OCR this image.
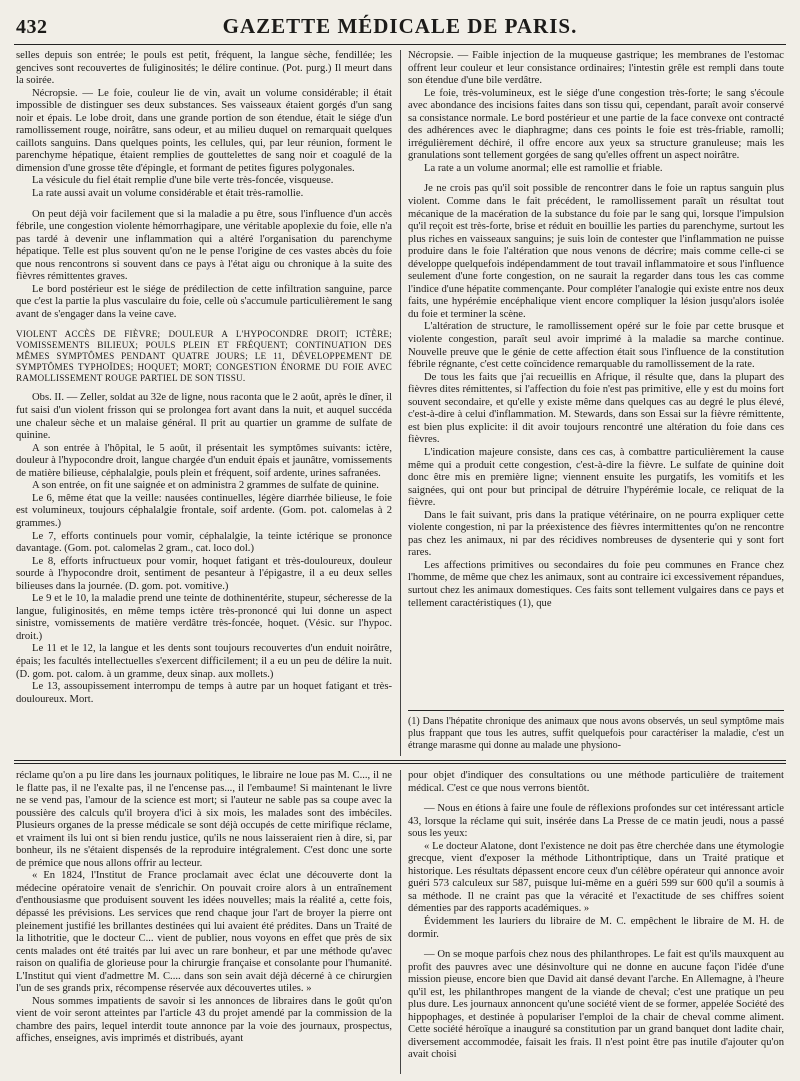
432	GAZETTE MÉDICALE DE PARIS.

selles depuis son entrée; le pouls est petit, fréquent, la langue sèche, fendillée; les gencives sont recouvertes de fuliginosités; le délire continue. (Pot. purg.) Il meurt dans la soirée.

Nécropsie. — Le foie, couleur lie de vin, avait un volume considérable; il était impossible de distinguer ses deux substances. Ses vaisseaux étaient gorgés d'un sang noir et épais. Le lobe droit, dans une grande portion de son étendue, était le siége d'un ramollissement rouge, noirâtre, sans odeur, et au milieu duquel on remarquait quelques caillots sanguins. Dans quelques points, les cellules, qui, par leur réunion, forment le parenchyme hépatique, étaient remplies de gouttelettes de sang noir et coagulé de la dimension d'une grosse tête d'épingle, et formant de petites figures polygonales.

La vésicule du fiel était remplie d'une bile verte très-foncée, visqueuse.

La rate aussi avait un volume considérable et était très-ramollie.

On peut déjà voir facilement que si la maladie a pu être, sous l'influence d'un accès fébrile, une congestion violente hémorrhagipare, une véritable apoplexie du foie, elle n'a pas tardé à devenir une inflammation qui a altéré l'organisation du parenchyme hépatique. Telle est plus souvent qu'on ne le pense l'origine de ces vastes abcès du foie que nous rencontrons si souvent dans ce pays à l'état aigu ou chronique à la suite des fièvres rémittentes graves.

Le bord postérieur est le siége de prédilection de cette infiltration sanguine, parce que c'est la partie la plus vasculaire du foie, celle où s'accumule particulièrement le sang avant de s'engager dans la veine cave.

VIOLENT ACCÈS DE FIÈVRE; DOULEUR A L'HYPOCONDRE DROIT; ICTÈRE; VOMISSEMENTS BILIEUX; POULS PLEIN ET FRÉQUENT; CONTINUATION DES MÊMES SYMPTÔMES PENDANT QUATRE JOURS; LE 11, DÉVELOPPEMENT DE SYMPTÔMES TYPHOÏDES; HOQUET; MORT; CONGESTION ÉNORME DU FOIE AVEC RAMOLLISSEMENT ROUGE PARTIEL DE SON TISSU.

Obs. II. — Zeller, soldat au 32e de ligne, nous raconta que le 2 août, après le dîner, il fut saisi d'un violent frisson qui se prolongea fort avant dans la nuit, et auquel succéda une chaleur sèche et un malaise général. Il prit au quartier un gramme de sulfate de quinine.

A son entrée à l'hôpital, le 5 août, il présentait les symptômes suivants: ictère, douleur à l'hypocondre droit, langue chargée d'un enduit épais et jaunâtre, vomissements de matière bilieuse, céphalalgie, pouls plein et fréquent, soif ardente, urines safranées.

A son entrée, on fit une saignée et on administra 2 grammes de sulfate de quinine.

Le 6, même état que la veille: nausées continuelles, légère diarrhée bilieuse, le foie est volumineux, toujours céphalalgie frontale, soif ardente. (Gom. pot. calomelas à 2 grammes.)

Le 7, efforts continuels pour vomir, céphalalgie, la teinte ictérique se prononce davantage. (Gom. pot. calomelas 2 gram., cat. loco dol.)

Le 8, efforts infructueux pour vomir, hoquet fatigant et très-douloureux, douleur sourde à l'hypocondre droit, sentiment de pesanteur à l'épigastre, il a eu deux selles bilieuses dans la journée. (D. gom. pot. vomitive.)

Le 9 et le 10, la maladie prend une teinte de dothinentérite, stupeur, sécheresse de la langue, fuliginosités, en même temps ictère très-prononcé qui lui donne un aspect sinistre, vomissements de matière verdâtre très-foncée, hoquet. (Vésic. sur l'hypoc. droit.)

Le 11 et le 12, la langue et les dents sont toujours recouvertes d'un enduit noirâtre, épais; les facultés intellectuelles s'exercent difficilement; il a eu un peu de délire la nuit. (D. gom. pot. calom. à un gramme, deux sinap. aux mollets.)

Le 13, assoupissement interrompu de temps à autre par un hoquet fatigant et très-douloureux. Mort.

Nécropsie. — Faible injection de la muqueuse gastrique; les membranes de l'estomac offrent leur couleur et leur consistance ordinaires; l'intestin grêle est rempli dans toute son étendue d'une bile verdâtre.

Le foie, très-volumineux, est le siége d'une congestion très-forte; le sang s'écoule avec abondance des incisions faites dans son tissu qui, cependant, paraît avoir conservé sa consistance normale. Le bord postérieur et une partie de la face convexe ont contracté des adhérences avec le diaphragme; dans ces points le foie est très-friable, ramolli; irrégulièrement déchiré, il offre encore aux yeux sa structure granuleuse; mais les granulations sont tellement gorgées de sang qu'elles offrent un aspect noirâtre.

La rate a un volume anormal; elle est ramollie et friable.

Je ne crois pas qu'il soit possible de rencontrer dans le foie un raptus sanguin plus violent. Comme dans le fait précédent, le ramollissement paraît un résultat tout mécanique de la macération de la substance du foie par le sang qui, lorsque l'impulsion qu'il reçoit est très-forte, brise et réduit en bouillie les parties du parenchyme, surtout les plus riches en vaisseaux sanguins; je suis loin de contester que l'inflammation ne puisse produire dans le foie l'altération que nous venons de décrire; mais comme celle-ci se développe quelquefois indépendamment de tout travail inflammatoire et sous l'influence seulement d'une forte congestion, on ne saurait la regarder dans tous les cas comme l'indice d'une hépatite commençante. Pour compléter l'analogie qui existe entre nos deux faits, une hypérémie encéphalique vient encore compliquer la lésion jusqu'alors isolée du foie et terminer la scène.

L'altération de structure, le ramollissement opéré sur le foie par cette brusque et violente congestion, paraît seul avoir imprimé à la maladie sa marche continue. Nouvelle preuve que le génie de cette affection était sous l'influence de la constitution fébrile régnante, c'est cette coïncidence remarquable du ramollissement de la rate.

De tous les faits que j'ai recueillis en Afrique, il résulte que, dans la plupart des fièvres dites rémittentes, si l'affection du foie n'est pas primitive, elle y est du moins fort souvent secondaire, et qu'elle y existe même dans quelques cas au degré le plus élevé, c'est-à-dire à celui d'inflammation. M. Stewards, dans son Essai sur la fièvre rémittente, est bien plus explicite: il dit avoir toujours rencontré une altération du foie dans ces fièvres.

L'indication majeure consiste, dans ces cas, à combattre particulièrement la cause même qui a produit cette congestion, c'est-à-dire la fièvre. Le sulfate de quinine doit donc être mis en première ligne; viennent ensuite les purgatifs, les vomitifs et les saignées, qui ont pour but principal de détruire l'hypérémie locale, ce reliquat de la fièvre.

Dans le fait suivant, pris dans la pratique vétérinaire, on ne pourra expliquer cette violente congestion, ni par la préexistence des fièvres intermittentes qu'on ne rencontre pas chez les animaux, ni par des récidives nombreuses de dysenterie qui y sont fort rares.

Les affections primitives ou secondaires du foie peu communes en France chez l'homme, de même que chez les animaux, sont au contraire ici excessivement répandues, surtout chez les animaux domestiques. Ces faits sont tellement vulgaires dans ce pays et tellement caractéristiques (1), que

(1) Dans l'hépatite chronique des animaux que nous avons observés, un seul symptôme mais plus frappant que tous les autres, suffit quelquefois pour caractériser la maladie, c'est un étrange marasme qui donne au malade une physiono-

réclame qu'on a pu lire dans les journaux politiques, le libraire ne loue pas M. C..., il ne le flatte pas, il ne l'exalte pas, il ne l'encense pas..., il l'embaume! Si maintenant le livre ne se vend pas, l'amour de la science est mort; si l'auteur ne sable pas sa coupe avec la poussière des calculs qu'il broyera d'ici à six mois, les malades sont des imbéciles. Plusieurs organes de la presse médicale se sont déjà occupés de cette mirifique réclame, et vraiment ils lui ont si bien rendu justice, qu'ils ne nous laisseraient rien à dire, si, par bonheur, ils ne s'étaient dispensés de la reproduire intégralement. C'est donc une sorte de prémice que nous allons offrir au lecteur.

« En 1824, l'Institut de France proclamait avec éclat une découverte dont la médecine opératoire venait de s'enrichir. On pouvait croire alors à un entraînement d'enthousiasme que produisent souvent les idées nouvelles; mais la réalité a, cette fois, dépassé les prévisions. Les services que rend chaque jour l'art de broyer la pierre ont pleinement justifié les brillantes destinées qui lui avaient été prédites. Dans un Traité de la lithotritie, que le docteur C... vient de publier, nous voyons en effet que près de six cents malades ont été traités par lui avec un rare bonheur, et par une méthode qu'avec raison on qualifia de glorieuse pour la chirurgie française et consolante pour l'humanité. L'Institut qui vient d'admettre M. C.... dans son sein avait déjà décerné à ce chirurgien l'un de ses grands prix, récompense réservée aux découvertes utiles. »

Nous sommes impatients de savoir si les annonces de libraires dans le goût qu'on vient de voir seront atteintes par l'article 43 du projet amendé par la commission de la chambre des pairs, lequel interdit toute annonce par la voie des journaux, prospectus, affiches, enseignes, avis imprimés et distribués, ayant

pour objet d'indiquer des consultations ou une méthode particulière de traitement médical. C'est ce que nous verrons bientôt.

— Nous en étions à faire une foule de réflexions profondes sur cet intéressant article 43, lorsque la réclame qui suit, insérée dans La Presse de ce matin jeudi, nous a passé sous les yeux:

« Le docteur Alatone, dont l'existence ne doit pas être cherchée dans une étymologie grecque, vient d'exposer la méthode Lithontriptique, dans un Traité pratique et historique. Les résultats dépassent encore ceux d'un célèbre opérateur qui annonce avoir guéri 573 calculeux sur 587, puisque lui-même en a guéri 599 sur 600 qu'il a soumis à sa méthode. Il ne craint pas que la véracité et l'exactitude de ses chiffres soient démenties par des rapports académiques. »

Évidemment les lauriers du libraire de M. C. empêchent le libraire de M. H. de dormir.

— On se moque parfois chez nous des philanthropes. Le fait est qu'ils mauxquent au profit des pauvres avec une désinvolture qui ne donne en aucune façon l'idée d'une mission pieuse, encore bien que David ait dansé devant l'arche. En Allemagne, à l'heure qu'il est, les philanthropes mangent de la viande de cheval; c'est une pratique un peu plus dure. Les journaux annoncent qu'une société vient de se former, appelée Société des hippophages, et destinée à populariser l'emploi de la chair de cheval comme aliment. Cette société héroïque a inauguré sa constitution par un grand banquet dont ladite chair, diversement accommodée, faisait les frais. Il n'est point être pas inutile d'ajouter qu'on avait choisi
